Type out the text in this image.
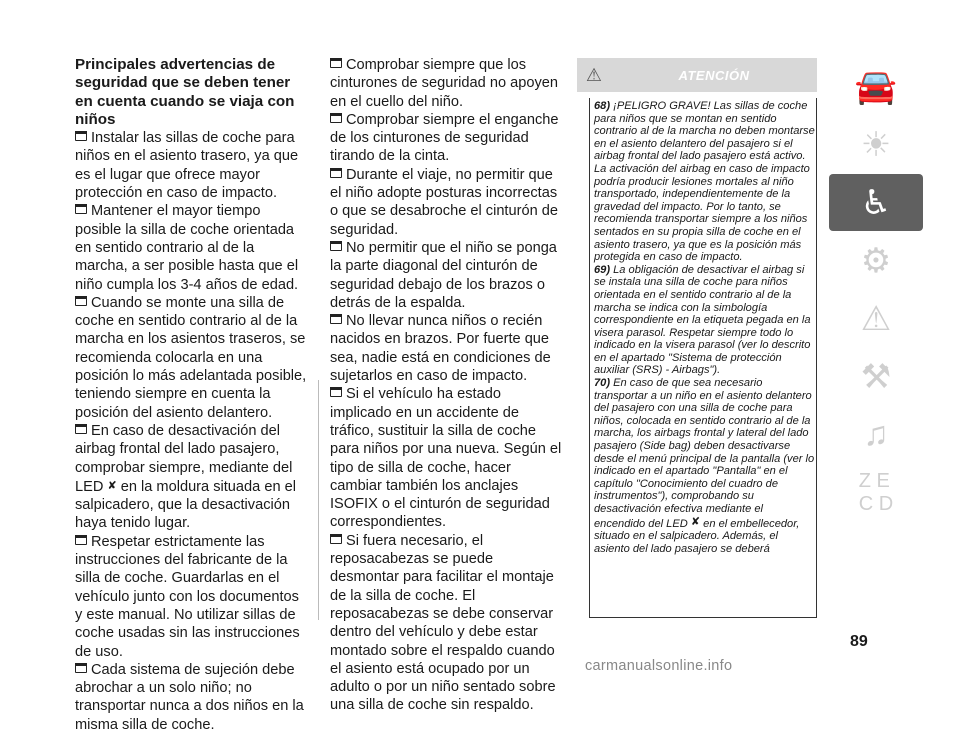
Principales advertencias de seguridad que se deben tener en cuenta cuando se viaja con niños

Instalar las sillas de coche para niños en el asiento trasero, ya que es el lugar que ofrece mayor protección en caso de impacto.
Mantener el mayor tiempo posible la silla de coche orientada en sentido contrario al de la marcha, a ser posible hasta que el niño cumpla los 3-4 años de edad.
Cuando se monte una silla de coche en sentido contrario al de la marcha en los asientos traseros, se recomienda colocarla en una posición lo más adelantada posible, teniendo siempre en cuenta la posición del asiento delantero.
En caso de desactivación del airbag frontal del lado pasajero, comprobar siempre, mediante del LED ✘ en la moldura situada en el salpicadero, que la desactivación haya tenido lugar.
Respetar estrictamente las instrucciones del fabricante de la silla de coche. Guardarlas en el vehículo junto con los documentos y este manual. No utilizar sillas de coche usadas sin las instrucciones de uso.
Cada sistema de sujeción debe abrochar a un solo niño; no transportar nunca a dos niños en la misma silla de coche.
Comprobar siempre que los cinturones de seguridad no apoyen en el cuello del niño.
Comprobar siempre el enganche de los cinturones de seguridad tirando de la cinta.
Durante el viaje, no permitir que el niño adopte posturas incorrectas o que se desabroche el cinturón de seguridad.
No permitir que el niño se ponga la parte diagonal del cinturón de seguridad debajo de los brazos o detrás de la espalda.
No llevar nunca niños o recién nacidos en brazos. Por fuerte que sea, nadie está en condiciones de sujetarlos en caso de impacto.
Si el vehículo ha estado implicado en un accidente de tráfico, sustituir la silla de coche para niños por una nueva. Según el tipo de silla de coche, hacer cambiar también los anclajes ISOFIX o el cinturón de seguridad correspondientes.
Si fuera necesario, el reposacabezas se puede desmontar para facilitar el montaje de la silla de coche. El reposacabezas se debe conservar dentro del vehículo y debe estar montado sobre el respaldo cuando el asiento está ocupado por un adulto o por un niño sentado sobre una silla de coche sin respaldo.
⚠	ATENCIÓN

68) ¡PELIGRO GRAVE! Las sillas de coche para niños que se montan en sentido contrario al de la marcha no deben montarse en el asiento delantero del pasajero si el airbag frontal del lado pasajero está activo. La activación del airbag en caso de impacto podría producir lesiones mortales al niño transportado, independientemente de la gravedad del impacto. Por lo tanto, se recomienda transportar siempre a los niños sentados en su propia silla de coche en el asiento trasero, ya que es la posición más protegida en caso de impacto.

69) La obligación de desactivar el airbag si se instala una silla de coche para niños orientada en el sentido contrario al de la marcha se indica con la simbología correspondiente en la etiqueta pegada en la visera parasol. Respetar siempre todo lo indicado en la visera parasol (ver lo descrito en el apartado "Sistema de protección auxiliar (SRS) - Airbags").

70) En caso de que sea necesario transportar a un niño en el asiento delantero del pasajero con una silla de coche para niños, colocada en sentido contrario al de la marcha, los airbags frontal y lateral del lado pasajero (Side bag) deben desactivarse desde el menú principal de la pantalla (ver lo indicado en el apartado "Pantalla" en el capítulo "Conocimiento del cuadro de instrumentos"), comprobando su desactivación efectiva mediante el encendido del LED ✘ en el embellecedor, situado en el salpicadero. Además, el asiento del lado pasajero se deberá

🚘
☀
♿
⚙
⚠
⚒
♫
Z E
C D
89
carmanualsonline.info
